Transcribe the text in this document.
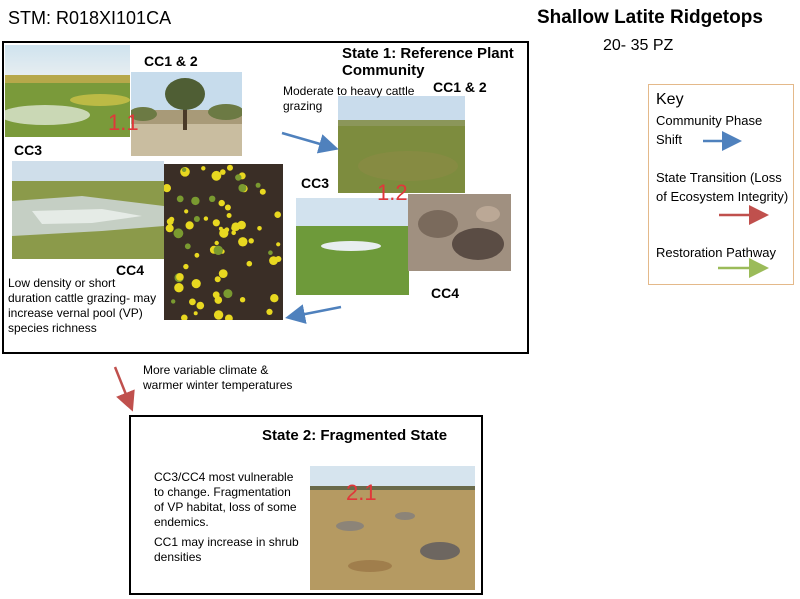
STM: R018XI101CA	Shallow Latite Ridgetops
20- 35 PZ
State 1: Reference Plant Community
CC1 & 2
CC3
CC4
CC1 & 2
CC3
CC4
1.1
1.2
Moderate to heavy cattle grazing
Low density or short duration cattle grazing- may increase vernal pool (VP) species richness
More variable climate & warmer winter temperatures
State 2: Fragmented State
2.1
CC3/CC4 most vulnerable to change. Fragmentation of VP habitat, loss of some endemics.
CC1 may increase in shrub densities
Key
Community Phase Shift
State Transition (Loss of Ecosystem Integrity)
Restoration Pathway
